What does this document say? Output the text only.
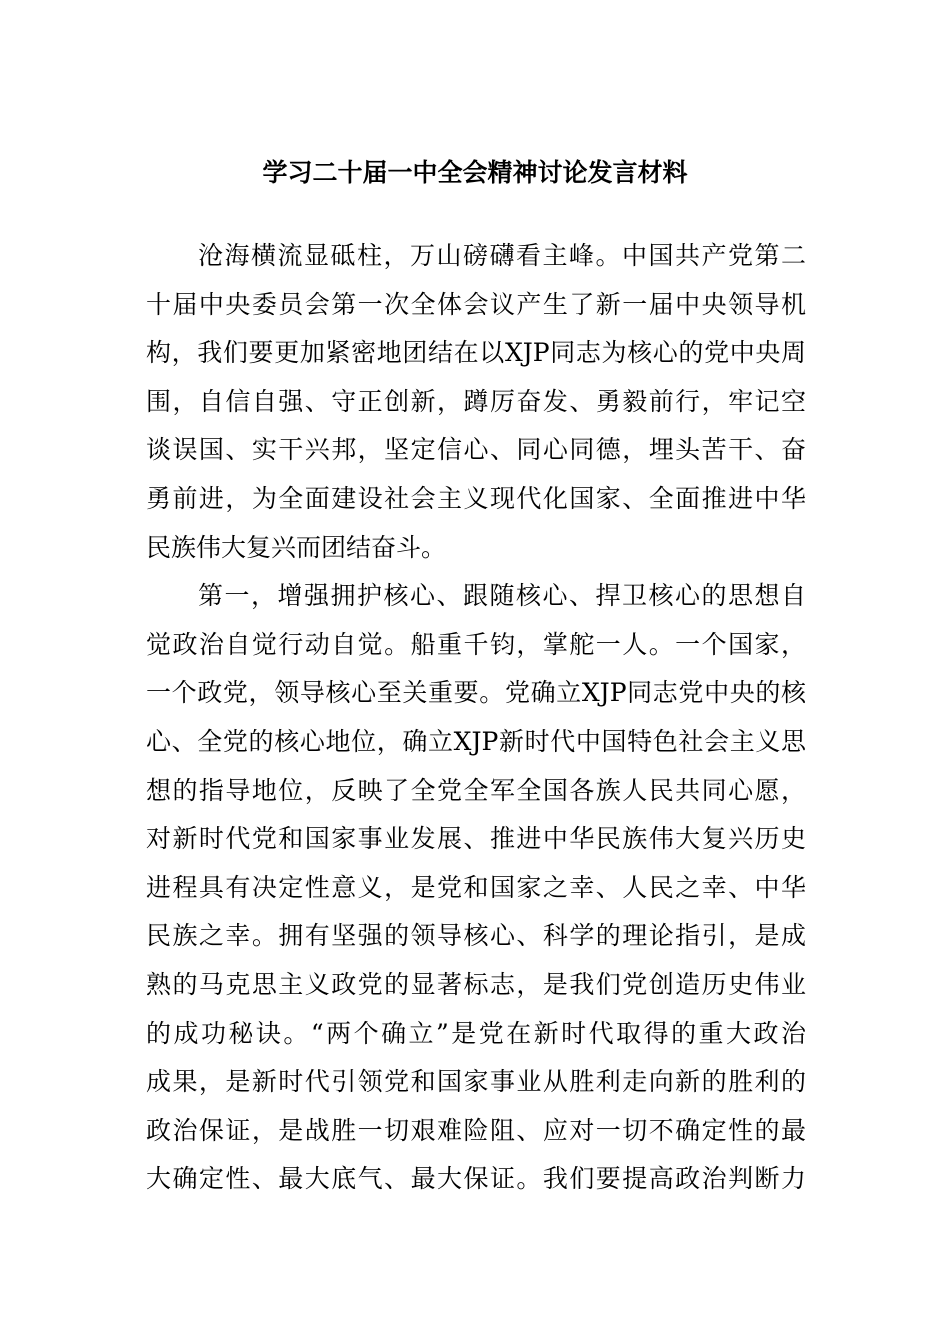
学习二十届一中全会精神讨论发言材料
沧海横流显砥柱，万山磅礴看主峰。中国共产党第二
十届中央委员会第一次全体会议产生了新一届中央领导机
构，我们要更加紧密地团结在以XJP同志为核心的党中央周
围，自信自强、守正创新，蹲厉奋发、勇毅前行，牢记空
谈误国、实干兴邦，坚定信心、同心同德，埋头苦干、奋
勇前进，为全面建设社会主义现代化国家、全面推进中华
民族伟大复兴而团结奋斗。
第一，增强拥护核心、跟随核心、捍卫核心的思想自
觉政治自觉行动自觉。船重千钧，掌舵一人。一个国家，
一个政党，领导核心至关重要。党确立XJP同志党中央的核
心、全党的核心地位，确立XJP新时代中国特色社会主义思
想的指导地位，反映了全党全军全国各族人民共同心愿，
对新时代党和国家事业发展、推进中华民族伟大复兴历史
进程具有决定性意义，是党和国家之幸、人民之幸、中华
民族之幸。拥有坚强的领导核心、科学的理论指引，是成
熟的马克思主义政党的显著标志，是我们党创造历史伟业
的成功秘诀。“两个确立”是党在新时代取得的重大政治
成果，是新时代引领党和国家事业从胜利走向新的胜利的
政治保证，是战胜一切艰难险阻、应对一切不确定性的最
大确定性、最大底气、最大保证。我们要提高政治判断力
